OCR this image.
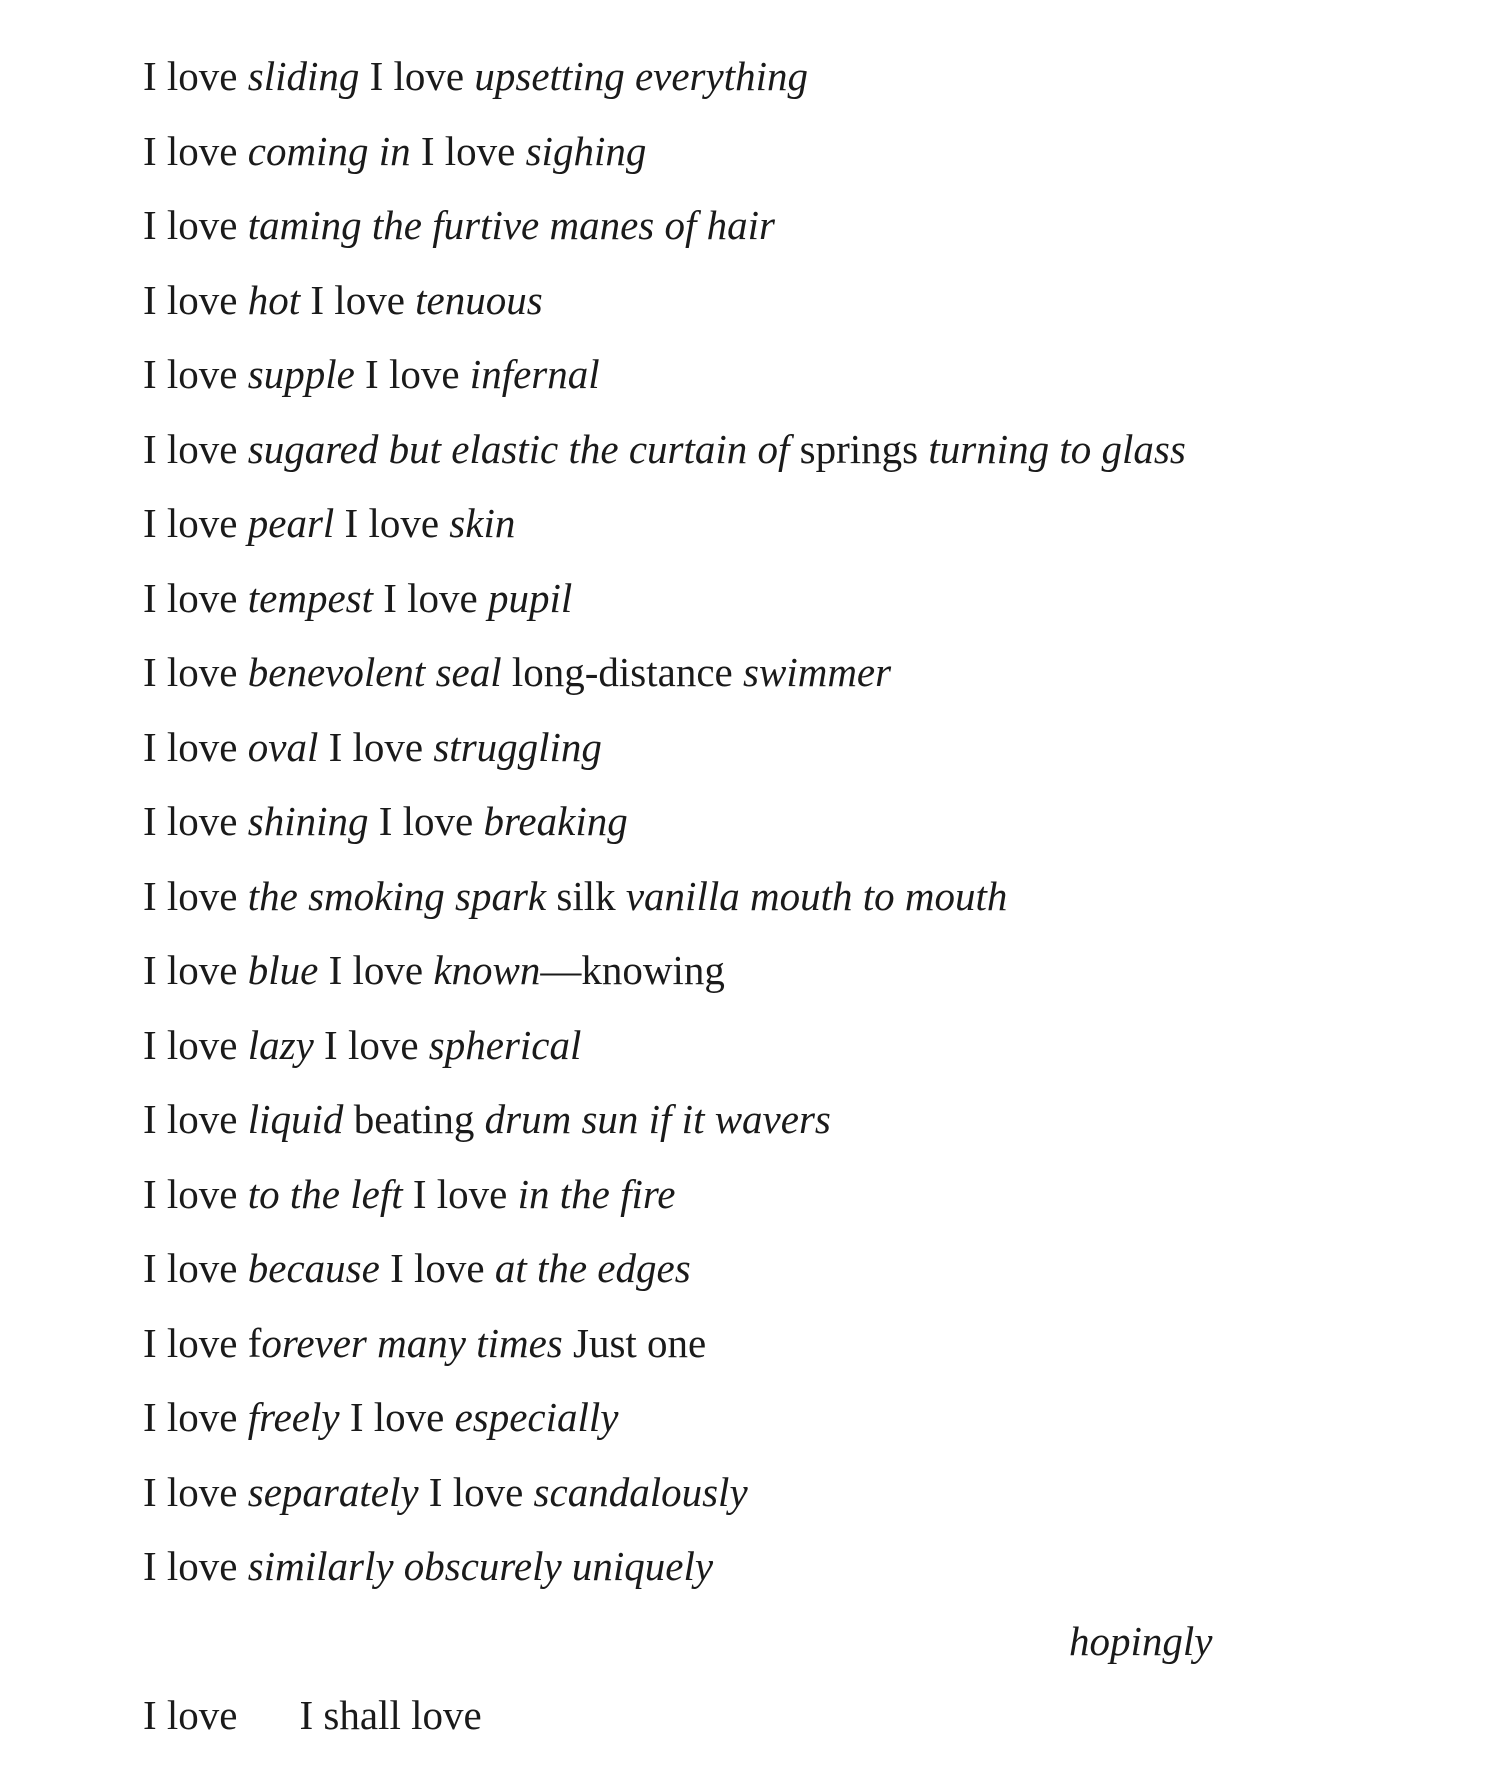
I love sliding I love upsetting everything
I love coming in I love sighing
I love taming the furtive manes of hair
I love hot I love tenuous
I love supple I love infernal
I love sugared but elastic the curtain of springs turning to glass
I love pearl I love skin
I love tempest I love pupil
I love benevolent seal long-distance swimmer
I love oval I love struggling
I love shining I love breaking
I love the smoking spark silk vanilla mouth to mouth
I love blue I love known—knowing
I love lazy I love spherical
I love liquid beating drum sun if it wavers
I love to the left I love in the fire
I love because I love at the edges
I love forever many times Just one
I love freely I love especially
I love separately I love scandalously
I love similarly obscurely uniquely
hopingly
I love I shall love
